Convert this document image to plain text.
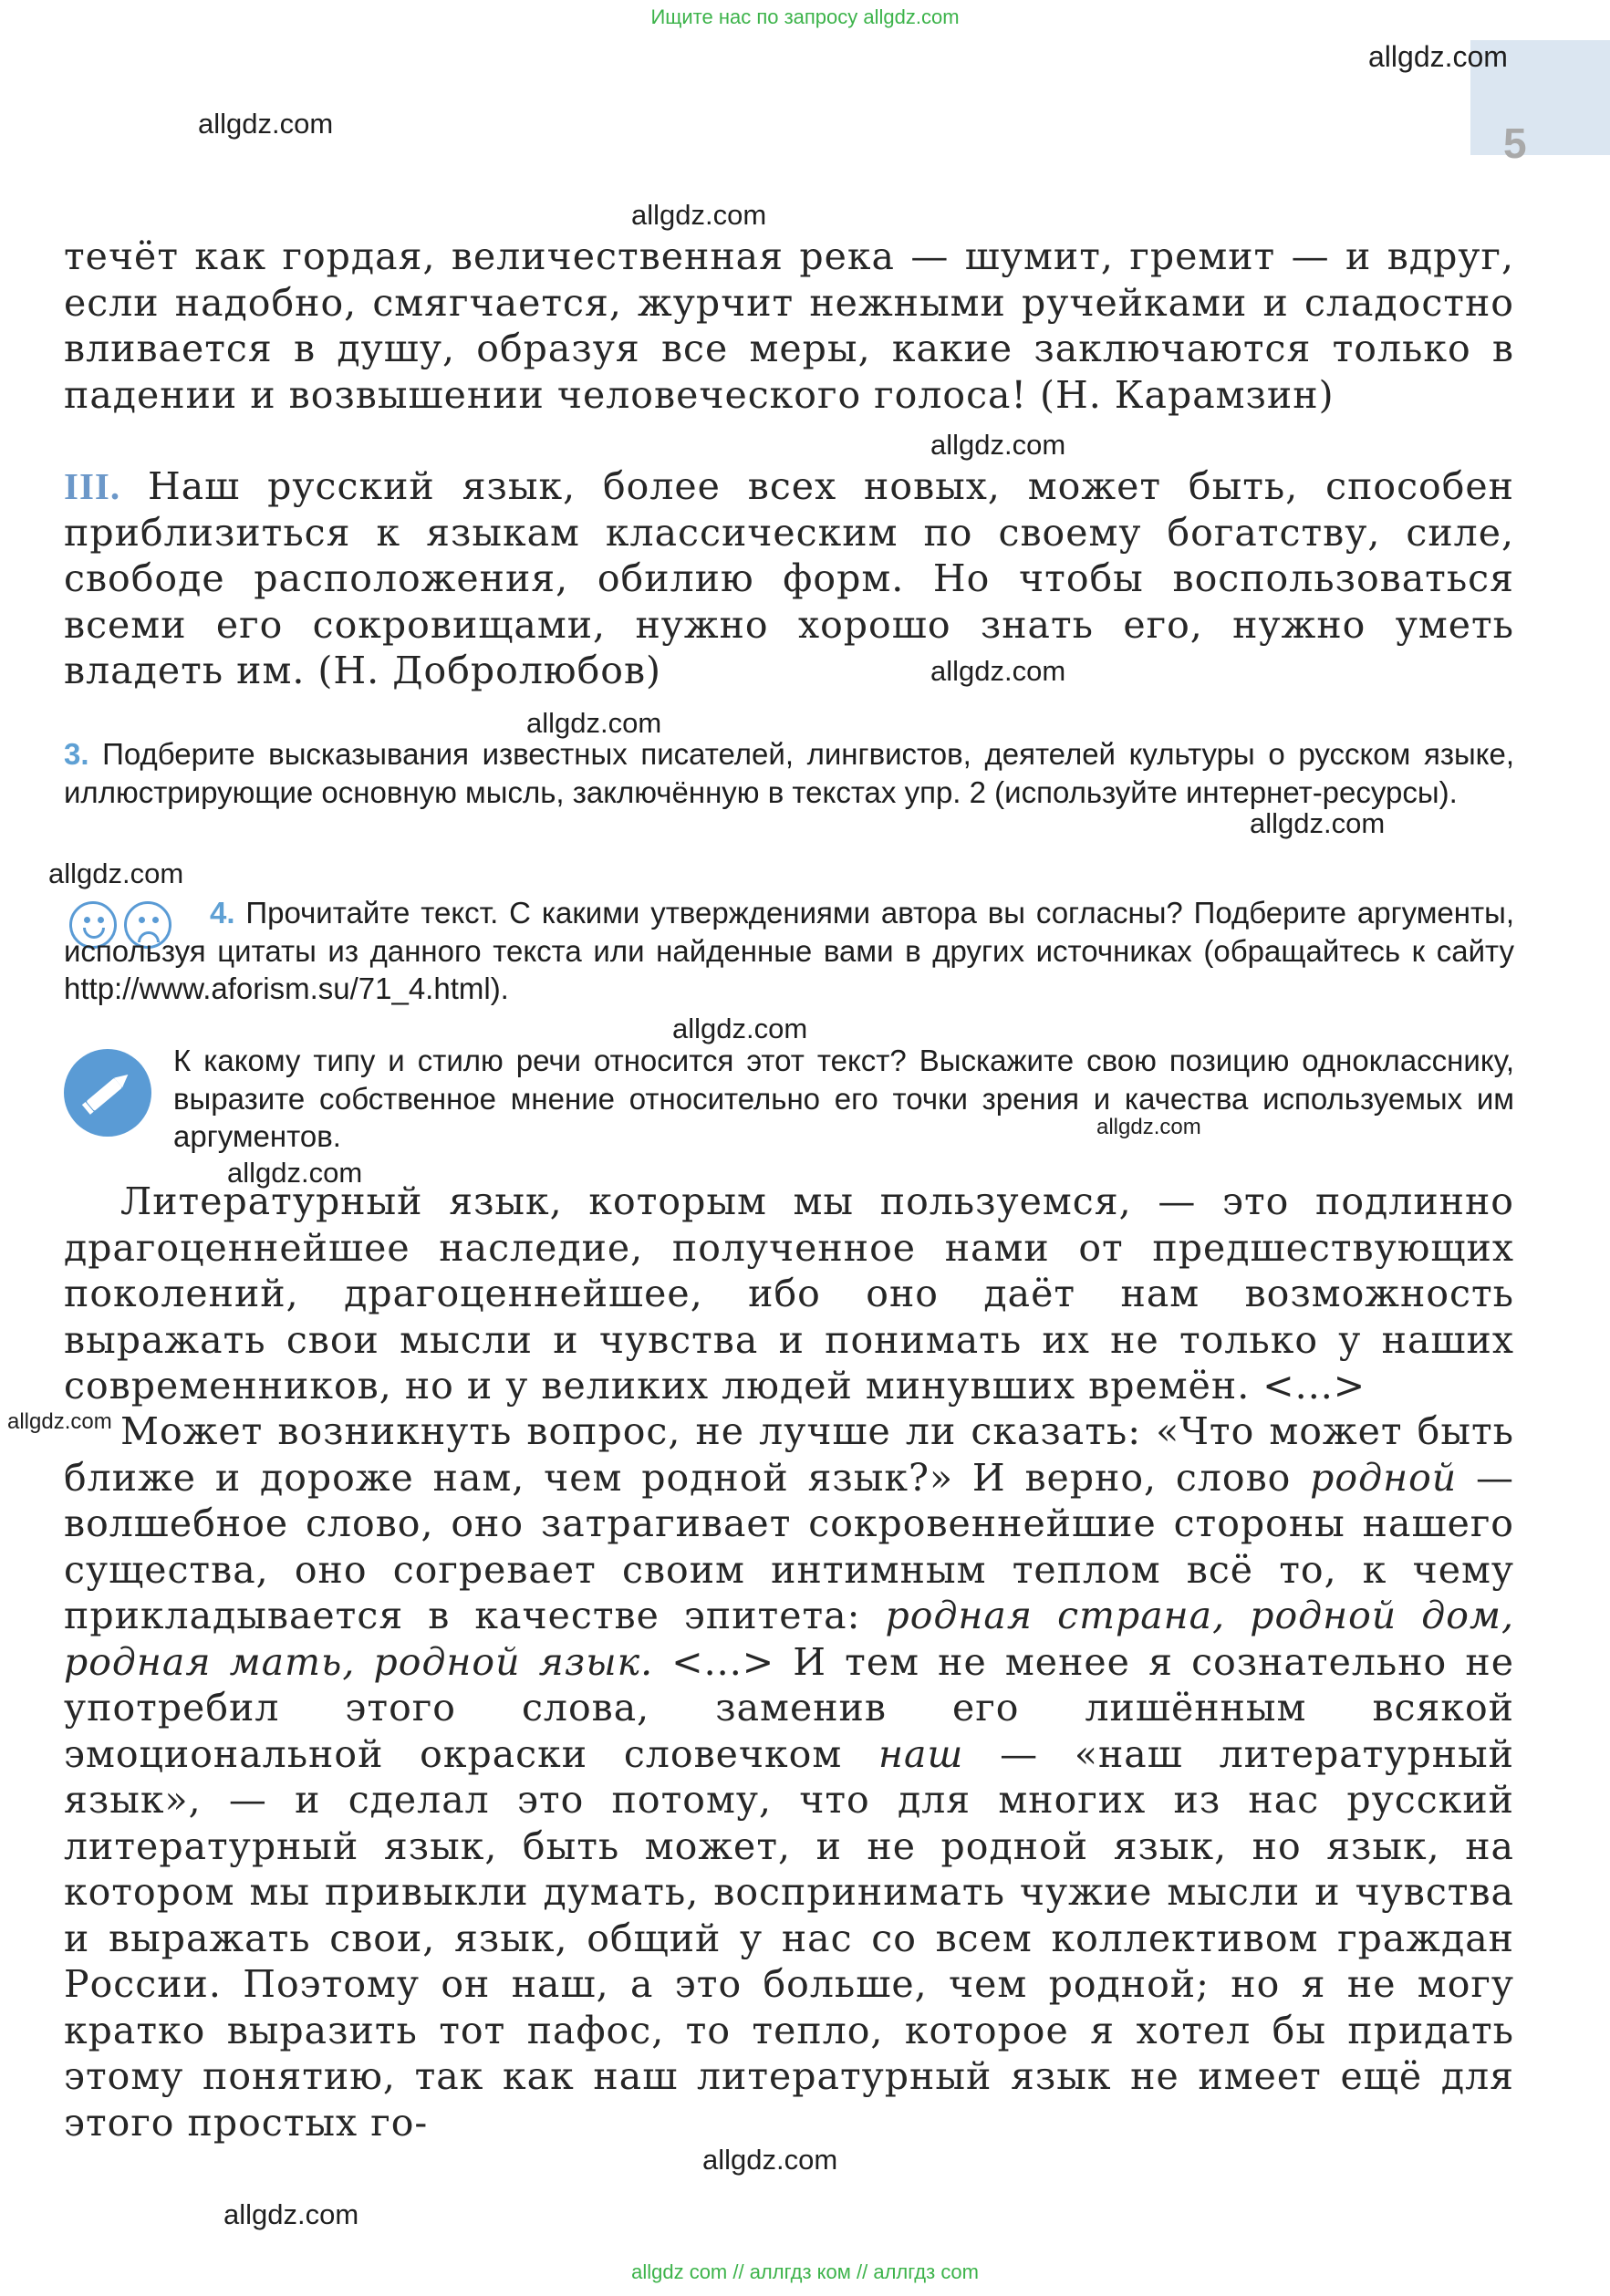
Ищите нас по запросу allgdz.com
5
allgdz.com
allgdz.com
allgdz.com
allgdz.com
allgdz.com
allgdz.com
allgdz.com
allgdz.com
allgdz.com
allgdz.com
allgdz.com
allgdz.com
allgdz.com
allgdz.com
течёт как гордая, величественная река — шумит, гремит — и вдруг, если надобно, смягчается, журчит нежными ручейками и сладостно вливается в душу, образуя все меры, какие заключаются только в падении и возвышении человеческого голоса! (Н. Карамзин)
III. Наш русский язык, более всех новых, может быть, способен приблизиться к языкам классическим по своему богатству, силе, свободе расположения, обилию форм. Но чтобы воспользоваться всеми его сокровищами, нужно хорошо знать его, нужно уметь владеть им. (Н. Добролюбов)
3. Подберите высказывания известных писателей, лингвистов, деятелей культуры о русском языке, иллюстрирующие основную мысль, заключённую в текстах упр. 2 (используйте интернет-ресурсы).
4. Прочитайте текст. С какими утверждениями автора вы согласны? Подберите аргументы, используя цитаты из данного текста или найденные вами в других источниках (обращайтесь к сайту http://www.aforism.su/71_4.html).
К какому типу и стилю речи относится этот текст? Выскажите свою позицию однокласснику, выразите собственное мнение относительно его точки зрения и качества используемых им аргументов.
Литературный язык, которым мы пользуемся, — это подлинно драгоценнейшее наследие, полученное нами от предшествующих поколений, драгоценнейшее, ибо оно даёт нам возможность выражать свои мысли и чувства и понимать их не только у наших современников, но и у великих людей минувших времён. <...>
Может возникнуть вопрос, не лучше ли сказать: «Что может быть ближе и дороже нам, чем родной язык?» И верно, слово родной — волшебное слово, оно затрагивает сокровеннейшие стороны нашего существа, оно согревает своим интимным теплом всё то, к чему прикладывается в качестве эпитета: родная страна, родной дом, родная мать, родной язык. <...> И тем не менее я сознательно не употребил этого слова, заменив его лишённым всякой эмоциональной окраски словечком наш — «наш литературный язык», — и сделал это потому, что для многих из нас русский литературный язык, быть может, и не родной язык, но язык, на котором мы привыкли думать, воспринимать чужие мысли и чувства и выражать свои, язык, общий у нас со всем коллективом граждан России. Поэтому он наш, а это больше, чем родной; но я не могу кратко выразить тот пафос, то тепло, которое я хотел бы придать этому понятию, так как наш литературный язык не имеет ещё для этого простых го-
allgdz com // аллгдз ком // аллгдз com
